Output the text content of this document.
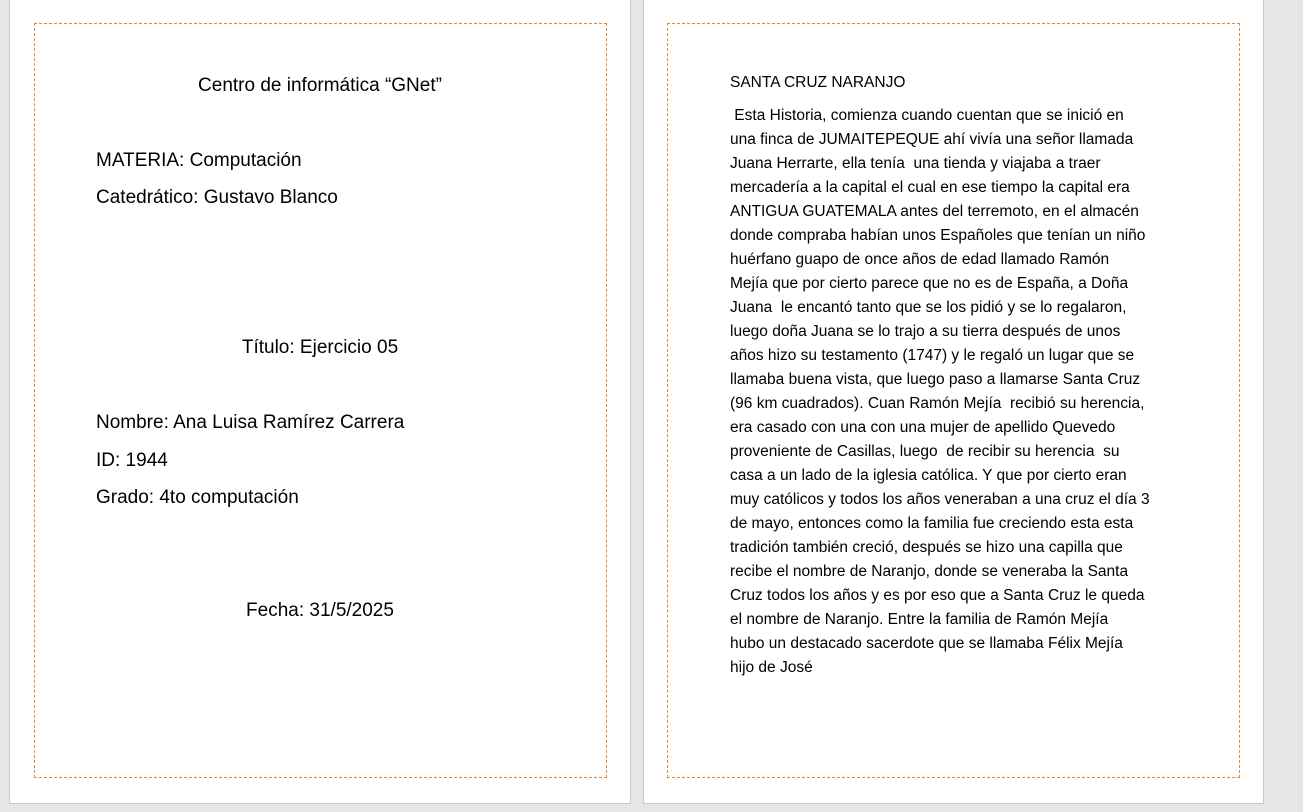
Centro de informática “GNet”

MATERIA: Computación

Catedrático: Gustavo Blanco

Título: Ejercicio 05

Nombre: Ana Luisa Ramírez Carrera

ID: 1944

Grado: 4to computación

Fecha: 31/5/2025

SANTA CRUZ NARANJO

Esta Historia, comienza cuando cuentan que se inició en
una finca de JUMAITEPEQUE ahí vivía una señor llamada
Juana Herrarte, ella tenía  una tienda y viajaba a traer
mercadería a la capital el cual en ese tiempo la capital era
ANTIGUA GUATEMALA antes del terremoto, en el almacén
donde compraba habían unos Españoles que tenían un niño
huérfano guapo de once años de edad llamado Ramón
Mejía que por cierto parece que no es de España, a Doña
Juana  le encantó tanto que se los pidió y se lo regalaron,
luego doña Juana se lo trajo a su tierra después de unos
años hizo su testamento (1747) y le regaló un lugar que se
llamaba buena vista, que luego paso a llamarse Santa Cruz
(96 km cuadrados). Cuan Ramón Mejía  recibió su herencia,
era casado con una con una mujer de apellido Quevedo
proveniente de Casillas, luego  de recibir su herencia  su
casa a un lado de la iglesia católica. Y que por cierto eran
muy católicos y todos los años veneraban a una cruz el día 3
de mayo, entonces como la familia fue creciendo esta esta
tradición también creció, después se hizo una capilla que
recibe el nombre de Naranjo, donde se veneraba la Santa
Cruz todos los años y es por eso que a Santa Cruz le queda
el nombre de Naranjo. Entre la familia de Ramón Mejía
hubo un destacado sacerdote que se llamaba Félix Mejía
hijo de José
